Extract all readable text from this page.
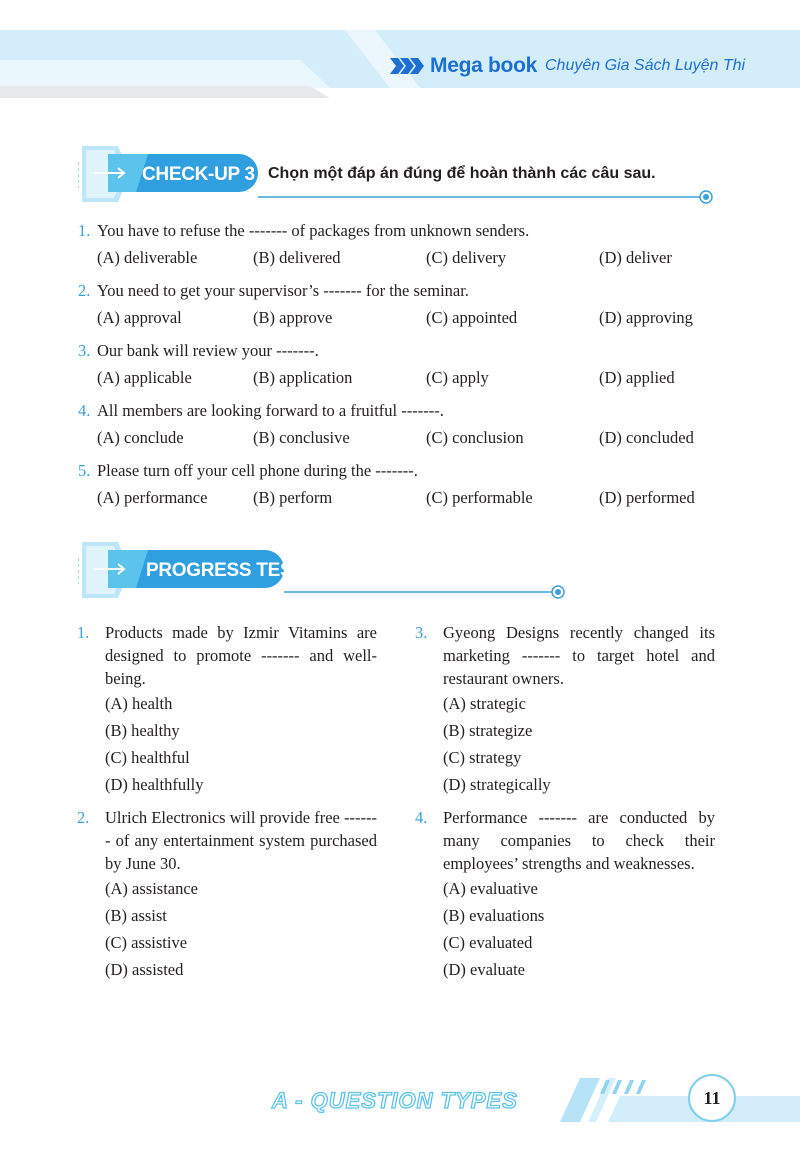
Mega book Chuyên Gia Sách Luyện Thi
CHECK-UP 3 Chọn một đáp án đúng để hoàn thành các câu sau.
1. You have to refuse the ------- of packages from unknown senders.
(A) deliverable	(B) delivered	(C) delivery	(D) deliver
2. You need to get your supervisor’s ------- for the seminar.
(A) approval	(B) approve	(C) appointed	(D) approving
3. Our bank will review your -------.
(A) applicable	(B) application	(C) apply	(D) applied
4. All members are looking forward to a fruitful -------.
(A) conclude	(B) conclusive	(C) conclusion	(D) concluded
5. Please turn off your cell phone during the -------.
(A) performance	(B) perform	(C) performable	(D) performed
PROGRESS TEST
1. Products made by Izmir Vitamins are designed to promote ------- and well-being.
(A) health
(B) healthy
(C) healthful
(D) healthfully
2. Ulrich Electronics will provide free ------- of any entertainment system purchased by June 30.
(A) assistance
(B) assist
(C) assistive
(D) assisted
3. Gyeong Designs recently changed its marketing ------- to target hotel and restaurant owners.
(A) strategic
(B) strategize
(C) strategy
(D) strategically
4. Performance ------- are conducted by many companies to check their employees’ strengths and weaknesses.
(A) evaluative
(B) evaluations
(C) evaluated
(D) evaluate
A - QUESTION TYPES	11
